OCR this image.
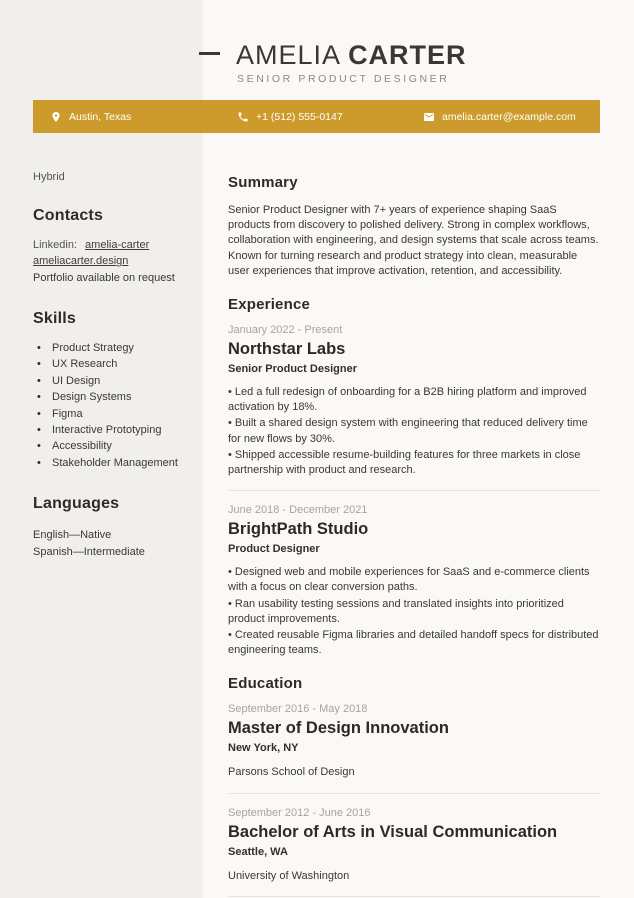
AMELIA CARTER
SENIOR PRODUCT DESIGNER
Austin, Texas	+1 (512) 555-0147	amelia.carter@example.com
Hybrid
Contacts
Linkedin: amelia-carter
ameliacarter.design
Portfolio available on request
Skills
• Product Strategy
• UX Research
• UI Design
• Design Systems
• Figma
• Interactive Prototyping
• Accessibility
• Stakeholder Management
Languages
English—Native
Spanish—Intermediate
Summary

Senior Product Designer with 7+ years of experience shaping SaaS products from discovery to polished delivery. Strong in complex workflows, collaboration with engineering, and design systems that scale across teams.

Known for turning research and product strategy into clean, measurable user experiences that improve activation, retention, and accessibility.

Experience
January 2022 - Present
Northstar Labs
Senior Product Designer

• Led a full redesign of onboarding for a B2B hiring platform and improved activation by 18%.

• Built a shared design system with engineering that reduced delivery time for new flows by 30%.

• Shipped accessible resume-building features for three markets in close partnership with product and research.

June 2018 - December 2021
BrightPath Studio
Product Designer

• Designed web and mobile experiences for SaaS and e-commerce clients with a focus on clear conversion paths.

• Ran usability testing sessions and translated insights into prioritized product improvements.

• Created reusable Figma libraries and detailed handoff specs for distributed engineering teams.

Education
September 2016 - May 2018
Master of Design Innovation
New York, NY
Parsons School of Design
September 2012 - June 2016
Bachelor of Arts in Visual Communication
Seattle, WA
University of Washington
